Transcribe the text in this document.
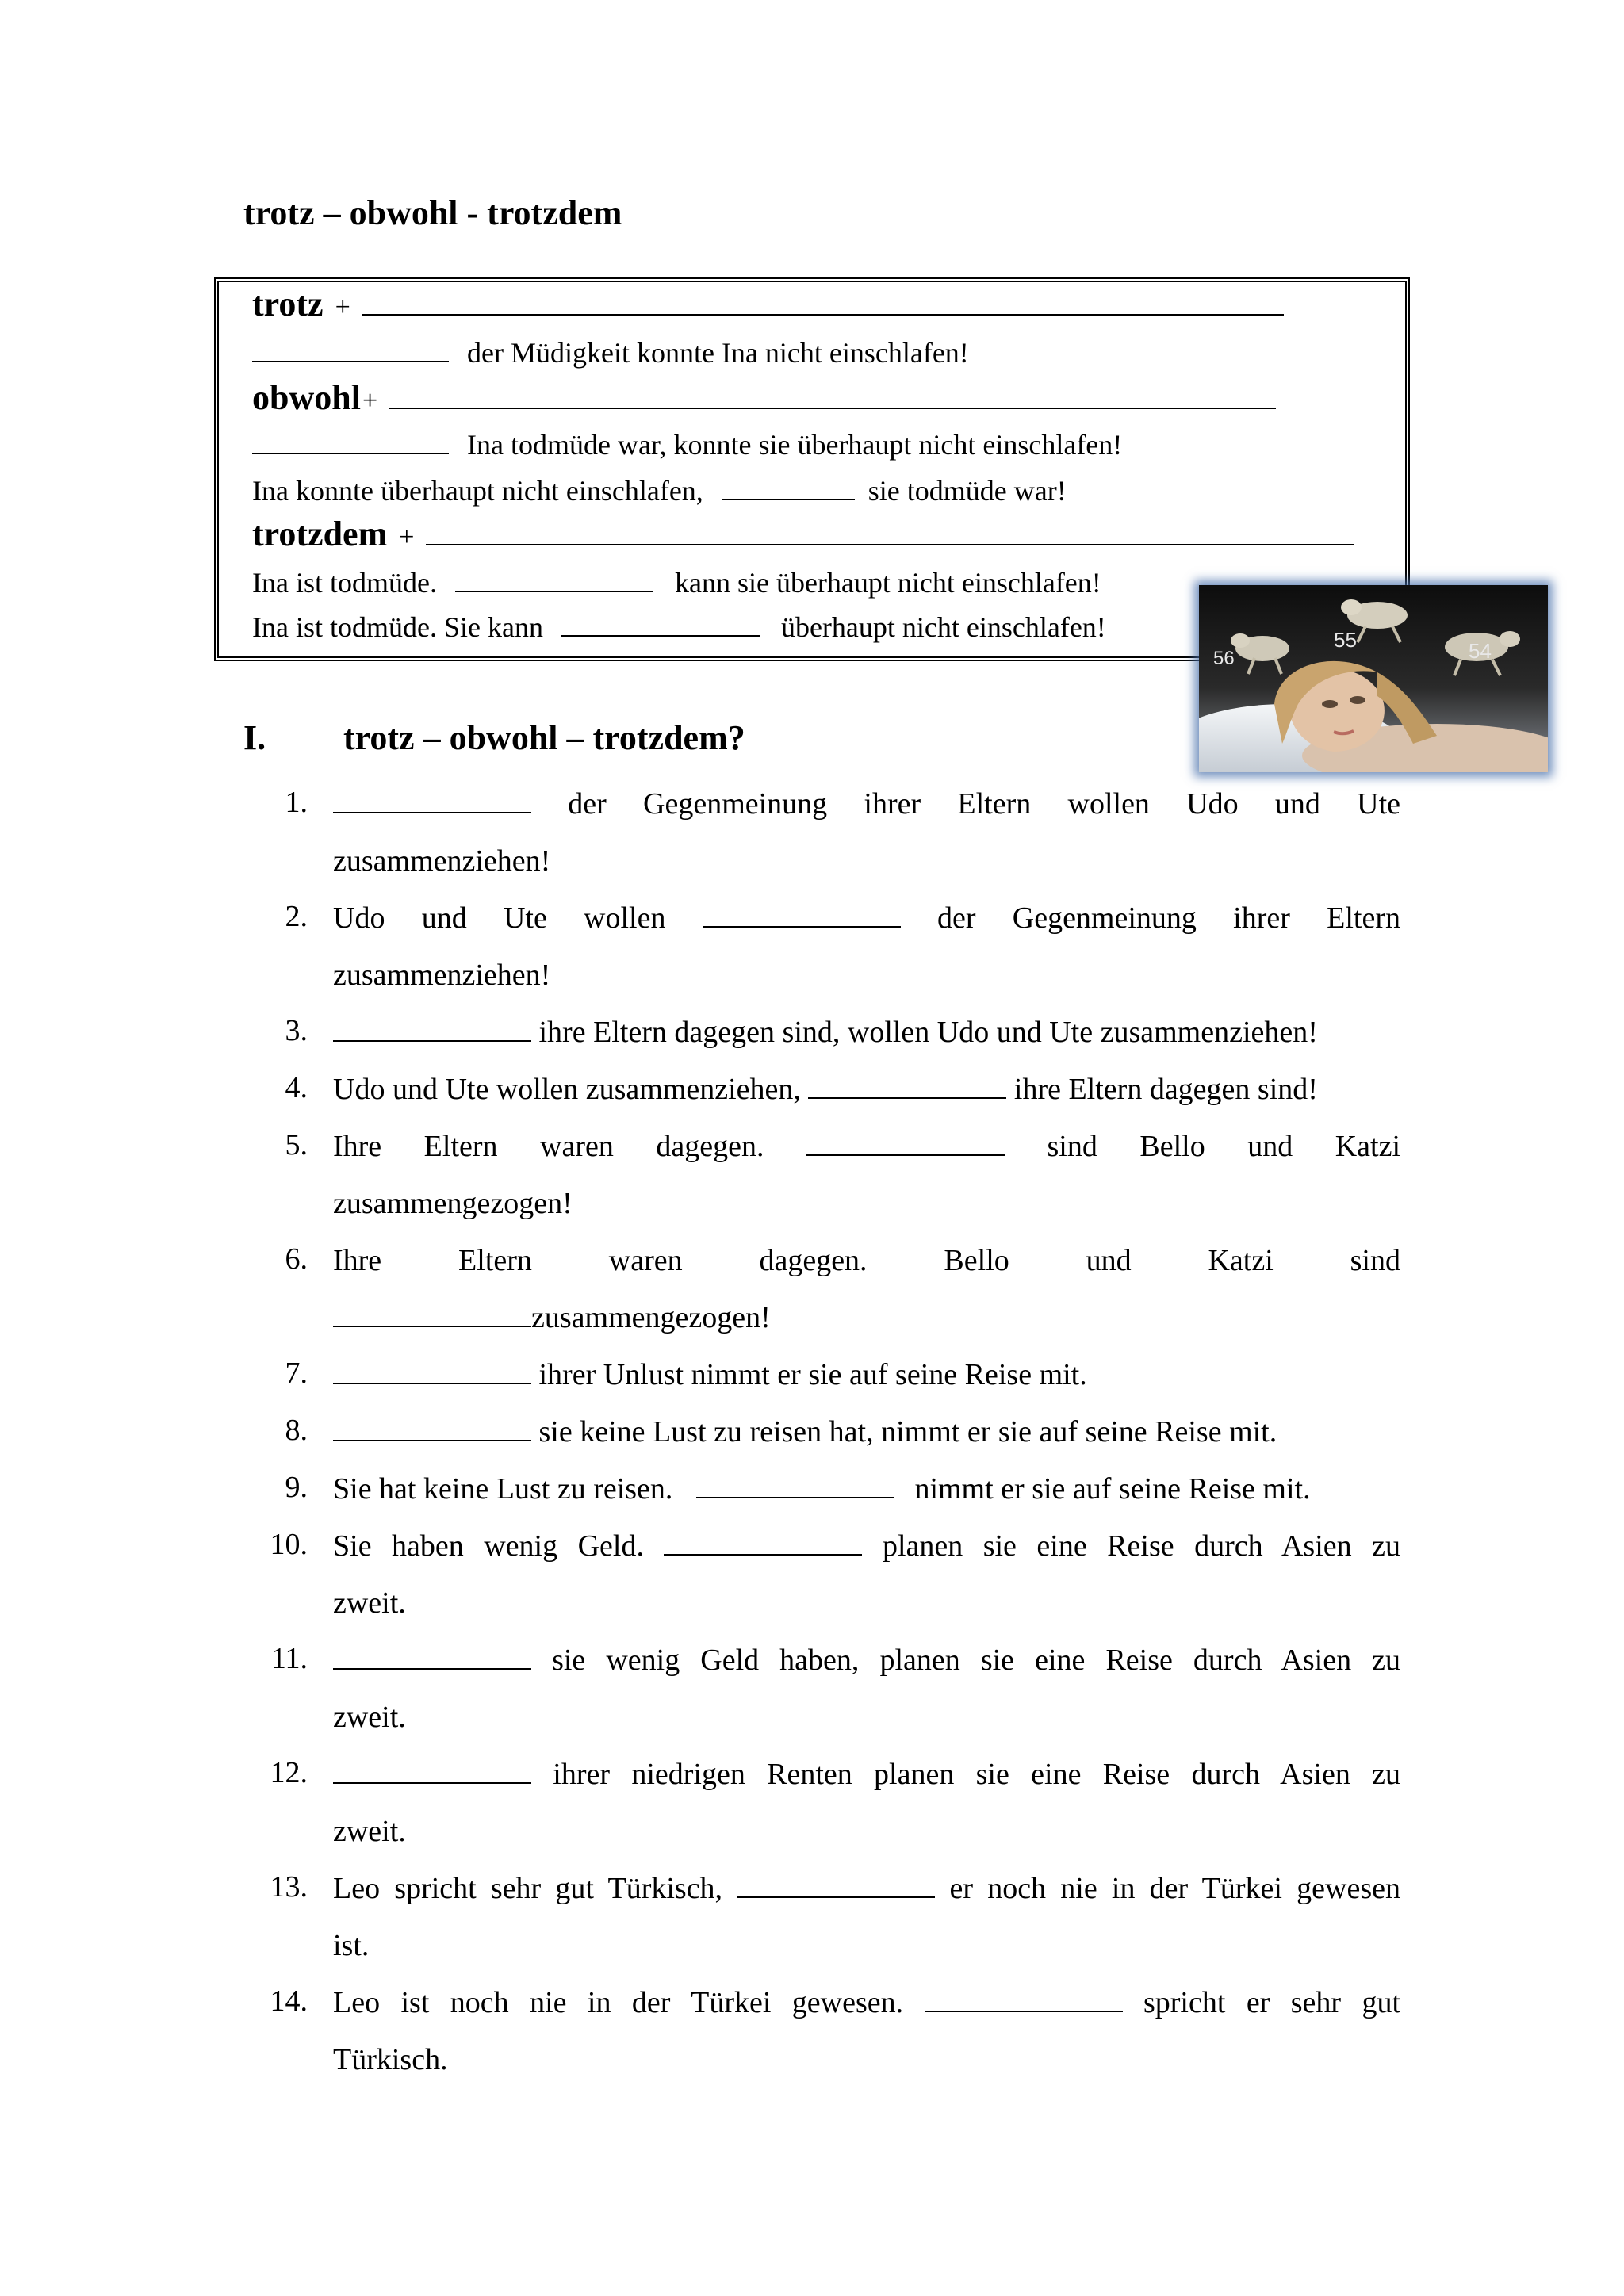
trotz – obwohl - trotzdem
trotz +
der Müdigkeit konnte Ina nicht einschlafen!
obwohl+
Ina todmüde war, konnte sie überhaupt nicht einschlafen!
Ina konnte überhaupt nicht einschlafen,	sie todmüde war!
trotzdem +
Ina ist todmüde.	kann sie überhaupt nicht einschlafen!
Ina ist todmüde. Sie kann	überhaupt nicht einschlafen!
56
55	54
I. trotz – obwohl – trotzdem?
1.	der Gegenmeinung ihrer Eltern wollen Udo und Ute
zusammenziehen!
2. Udo und Ute wollen	der Gegenmeinung ihrer Eltern
zusammenziehen!
3.	ihre Eltern dagegen sind, wollen Udo und Ute zusammenziehen!
4. Udo und Ute wollen zusammenziehen,	ihre Eltern dagegen sind!
5. Ihre Eltern waren dagegen.	sind Bello und Katzi
zusammengezogen!
6. Ihre Eltern waren dagegen. Bello und Katzi sind
zusammengezogen!
7.	ihrer Unlust nimmt er sie auf seine Reise mit.
8.	sie keine Lust zu reisen hat, nimmt er sie auf seine Reise mit.
9. Sie hat keine Lust zu reisen.	nimmt er sie auf seine Reise mit.
10. Sie haben wenig Geld.	planen sie eine Reise durch Asien zu
zweit.
11.	sie wenig Geld haben, planen sie eine Reise durch Asien zu
zweit.
12.	ihrer niedrigen Renten planen sie eine Reise durch Asien zu
zweit.
13. Leo spricht sehr gut Türkisch,	er noch nie in der Türkei gewesen
ist.
14. Leo ist noch nie in der Türkei gewesen.	spricht er sehr gut
Türkisch.
